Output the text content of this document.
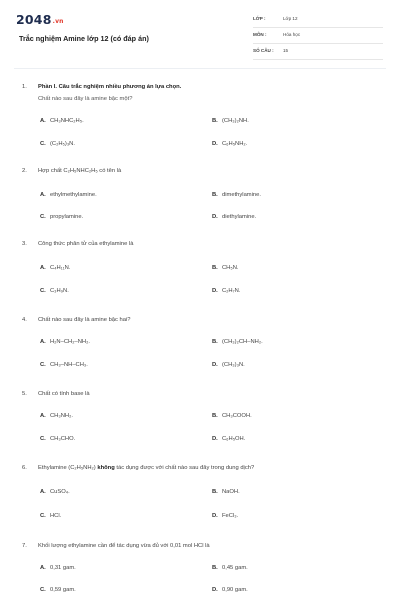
2048.vn
Trắc nghiệm Amine lớp 12 (có đáp án)
LỚP :	Lớp 12
MÔN :	Hóa học
SỐ CÂU : 15
1. Phần I. Câu trắc nghiệm nhiều phương án lựa chọn.
Chất nào sau đây là amine bậc một?
A. CH₃NHC₂H₅.	B. (CH₃)₂NH.
C. (C₂H₅)₃N.	D. C₆H₅NH₂.
2. Hợp chất C₂H₅NHC₂H₅ có tên là
A. ethylmethylamine.	B. dimethylamine.
C. propylamine.	D. diethylamine.
3. Công thức phân tử của ethylamine là
A. C₄H₁₁N.	B. CH₅N.
C. C₃H₉N.	D. C₂H₇N.
4. Chất nào sau đây là amine bậc hai?
A. H₂N–CH₂–NH₂.	B. (CH₃)₂CH–NH₂.
C. CH₃–NH–CH₃.	D. (CH₃)₃N.
5. Chất có tính base là
A. CH₃NH₂.	B. CH₃COOH.
C. CH₃CHO.	D. C₆H₅OH.
6. Ethylamine (C₂H₅NH₂) không tác dụng được với chất nào sau đây trong dung dịch?
A. CuSO₄.	B. NaOH.
C. HCl.	D. FeCl₃.
7. Khối lượng ethylamine cần để tác dụng vừa đủ với 0,01 mol HCl là
A. 0,31 gam.	B. 0,45 gam.
C. 0,59 gam.	D. 0,90 gam.
